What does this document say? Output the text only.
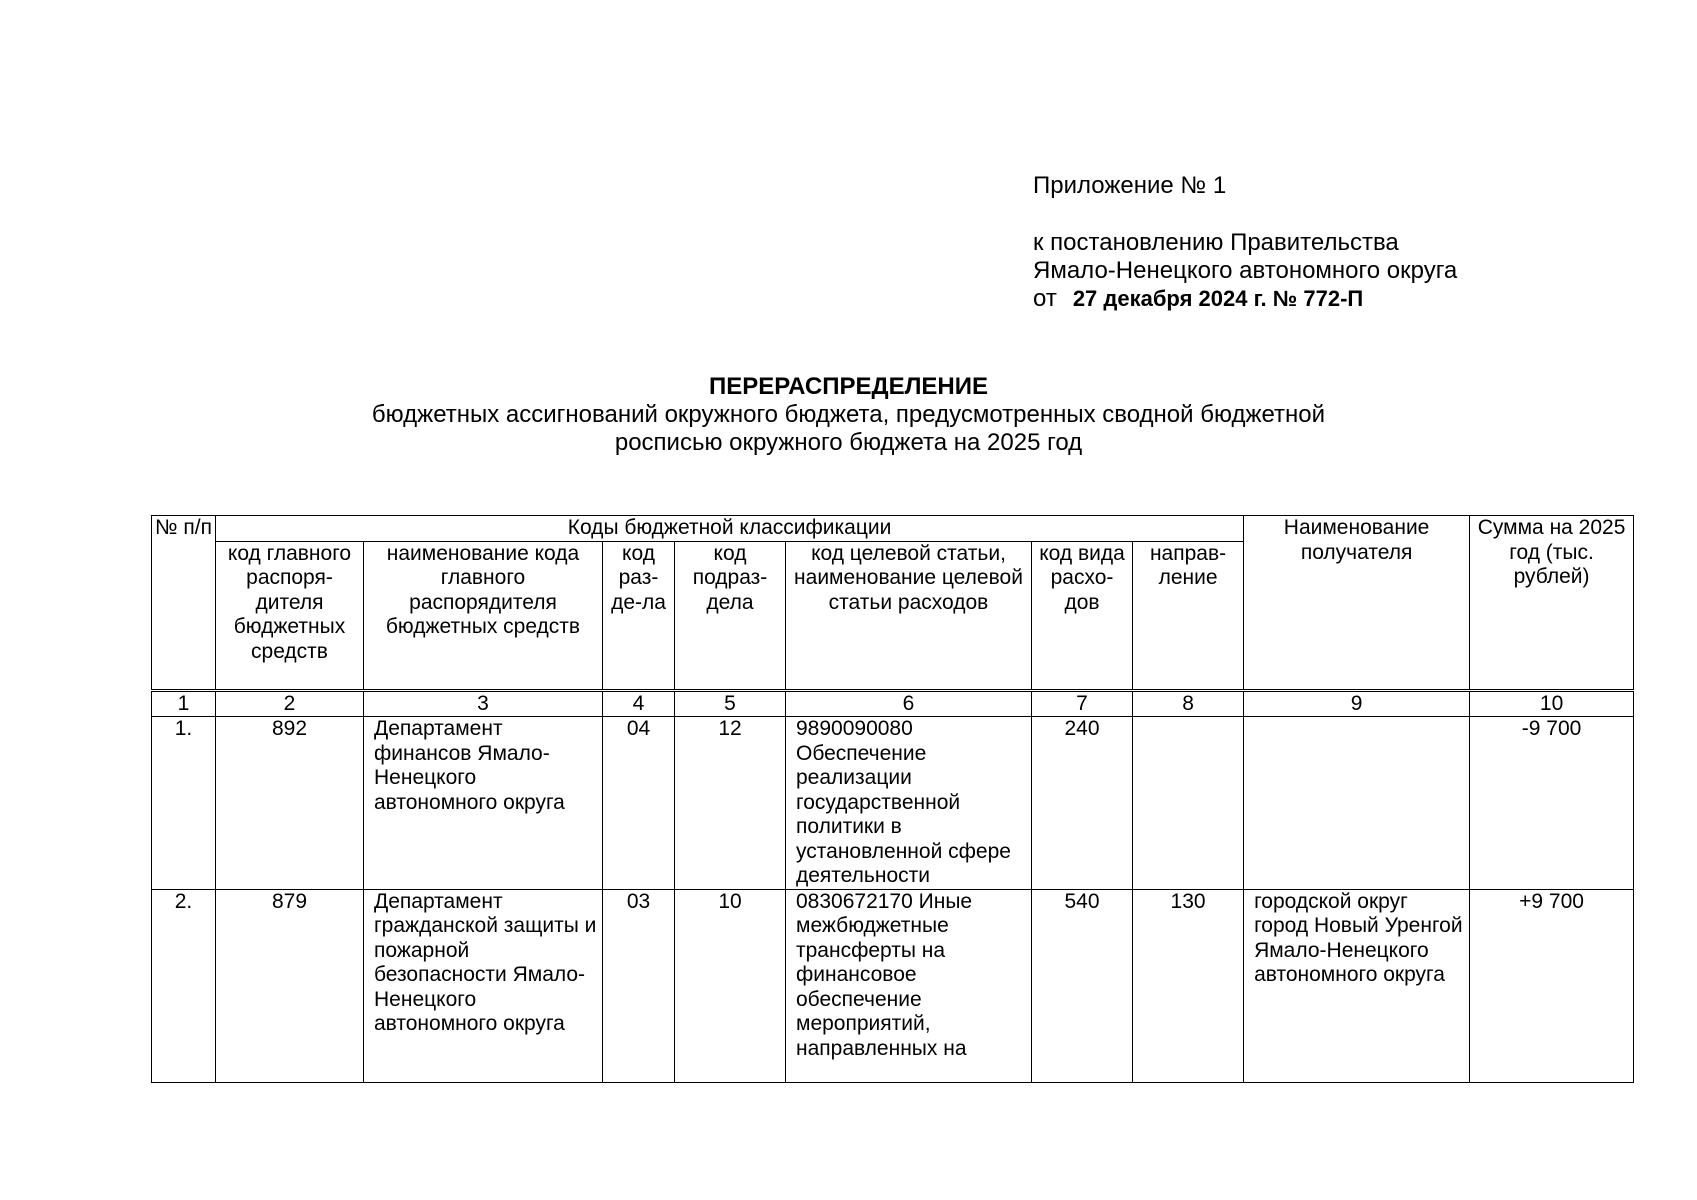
Приложение № 1
к постановлению Правительства
Ямало-Ненецкого автономного округа
от 27 декабря 2024 г. № 772-П
ПЕРЕРАСПРЕДЕЛЕНИЕ
бюджетных ассигнований окружного бюджета, предусмотренных сводной бюджетной
росписью окружного бюджета на 2025 год
№ п/п	Коды бюджетной классификации							Наименование получателя	Сумма на 2025 год (тыс. рублей)
	код главного распоря-дителя бюджетных средств	наименование кода главного распорядителя бюджетных средств	код раз-де-ла	код подраз-дела	код целевой статьи, наименование целевой статьи расходов	код вида расхо-дов	направ-ление		
1	2	3	4	5	6	7	8	9	10
1.	892	Департамент финансов Ямало-Ненецкого автономного округа	04	12	9890090080 Обеспечение реализации государственной политики в установленной сфере деятельности	240			-9 700
2.	879	Департамент гражданской защиты и пожарной безопасности Ямало-Ненецкого автономного округа	03	10	0830672170 Иные межбюджетные трансферты на финансовое обеспечение мероприятий, направленных на	540	130	городской округ город Новый Уренгой Ямало-Ненецкого автономного округа	+9 700
